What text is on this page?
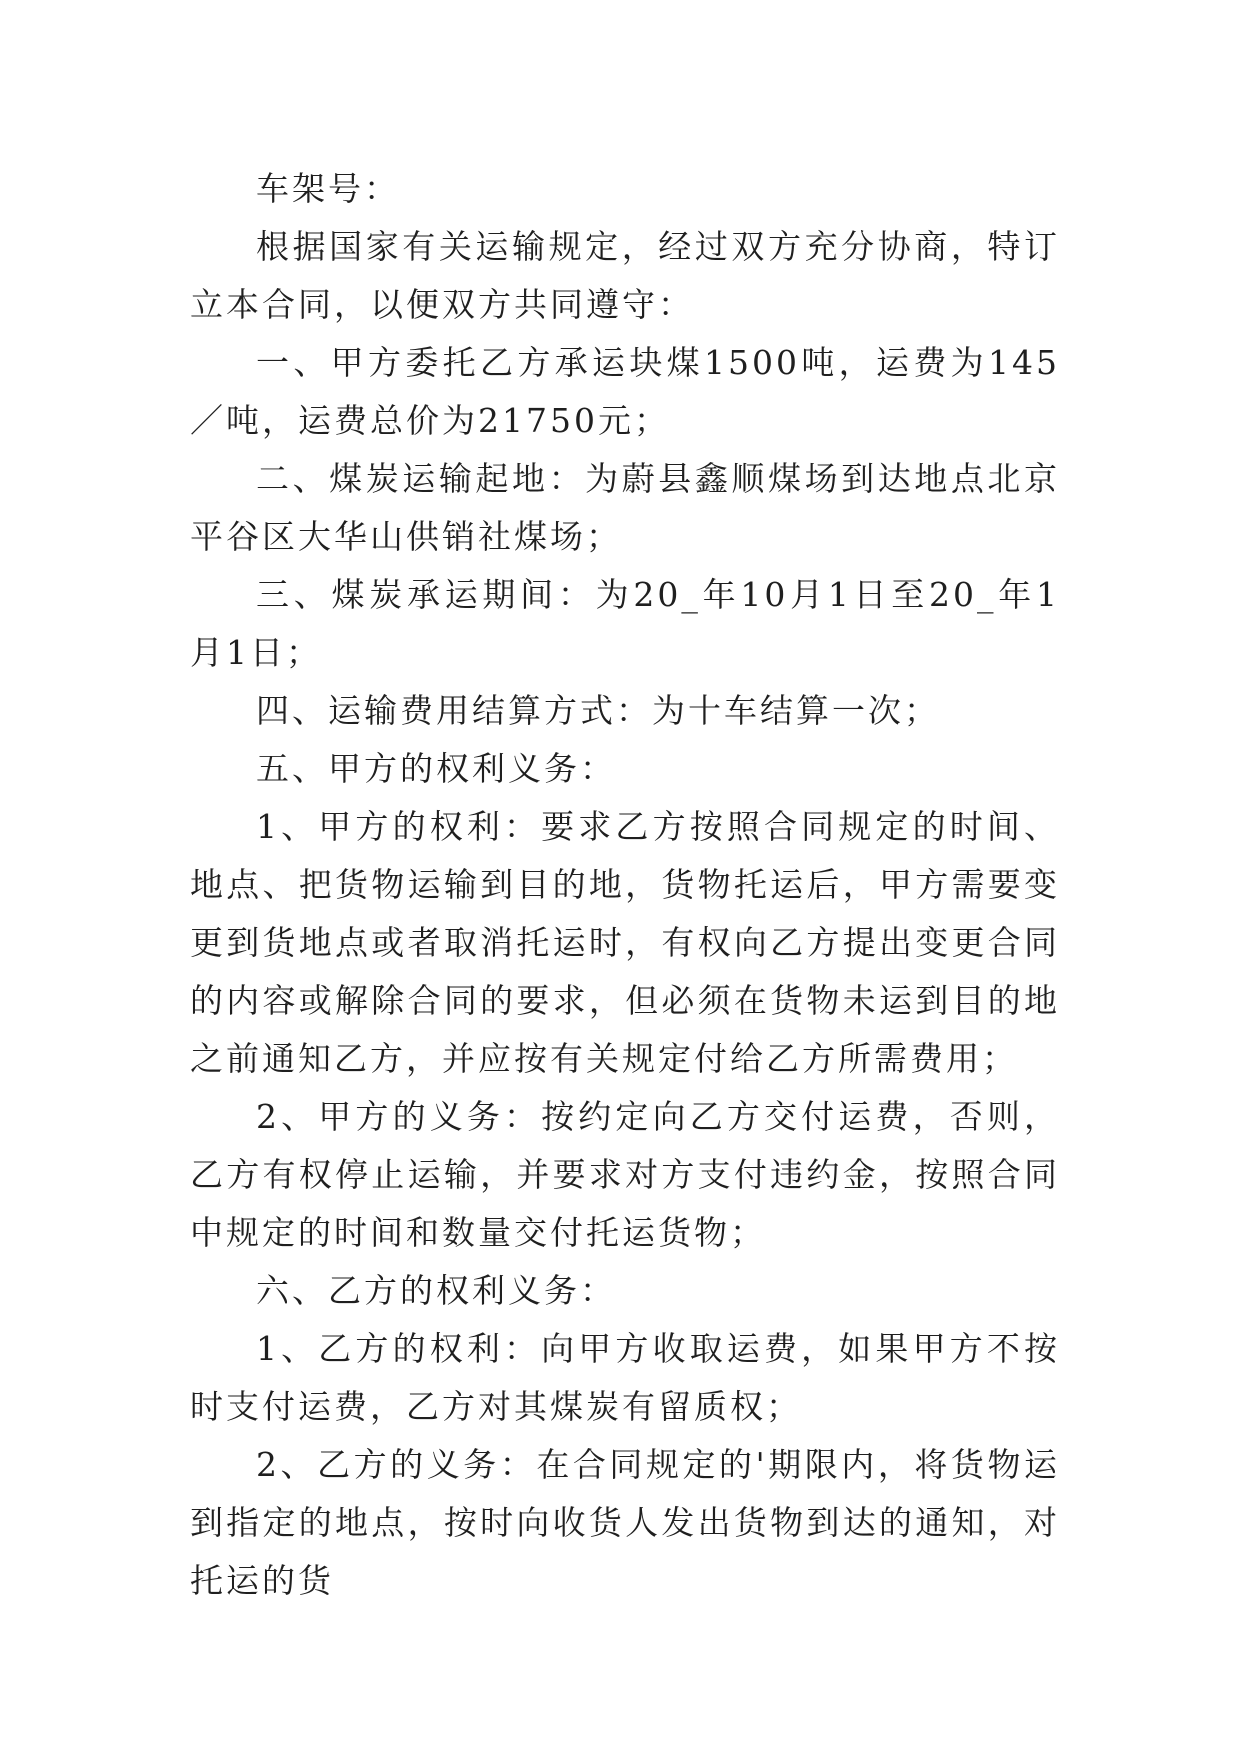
车架号：

根据国家有关运输规定，经过双方充分协商，特订立本合同，以便双方共同遵守：

一、甲方委托乙方承运块煤1500吨，运费为145／吨，运费总价为21750元；

二、煤炭运输起地：为蔚县鑫顺煤场到达地点北京平谷区大华山供销社煤场；

三、煤炭承运期间：为20_年10月1日至20_年1月1日；

四、运输费用结算方式：为十车结算一次；

五、甲方的权利义务：

1、甲方的权利：要求乙方按照合同规定的时间、地点、把货物运输到目的地，货物托运后，甲方需要变更到货地点或者取消托运时，有权向乙方提出变更合同的内容或解除合同的要求，但必须在货物未运到目的地之前通知乙方，并应按有关规定付给乙方所需费用；

2、甲方的义务：按约定向乙方交付运费，否则，乙方有权停止运输，并要求对方支付违约金，按照合同中规定的时间和数量交付托运货物；

六、乙方的权利义务：

1、乙方的权利：向甲方收取运费，如果甲方不按时支付运费，乙方对其煤炭有留质权；

2、乙方的义务：在合同规定的'期限内，将货物运到指定的地点，按时向收货人发出货物到达的通知，对托运的货
